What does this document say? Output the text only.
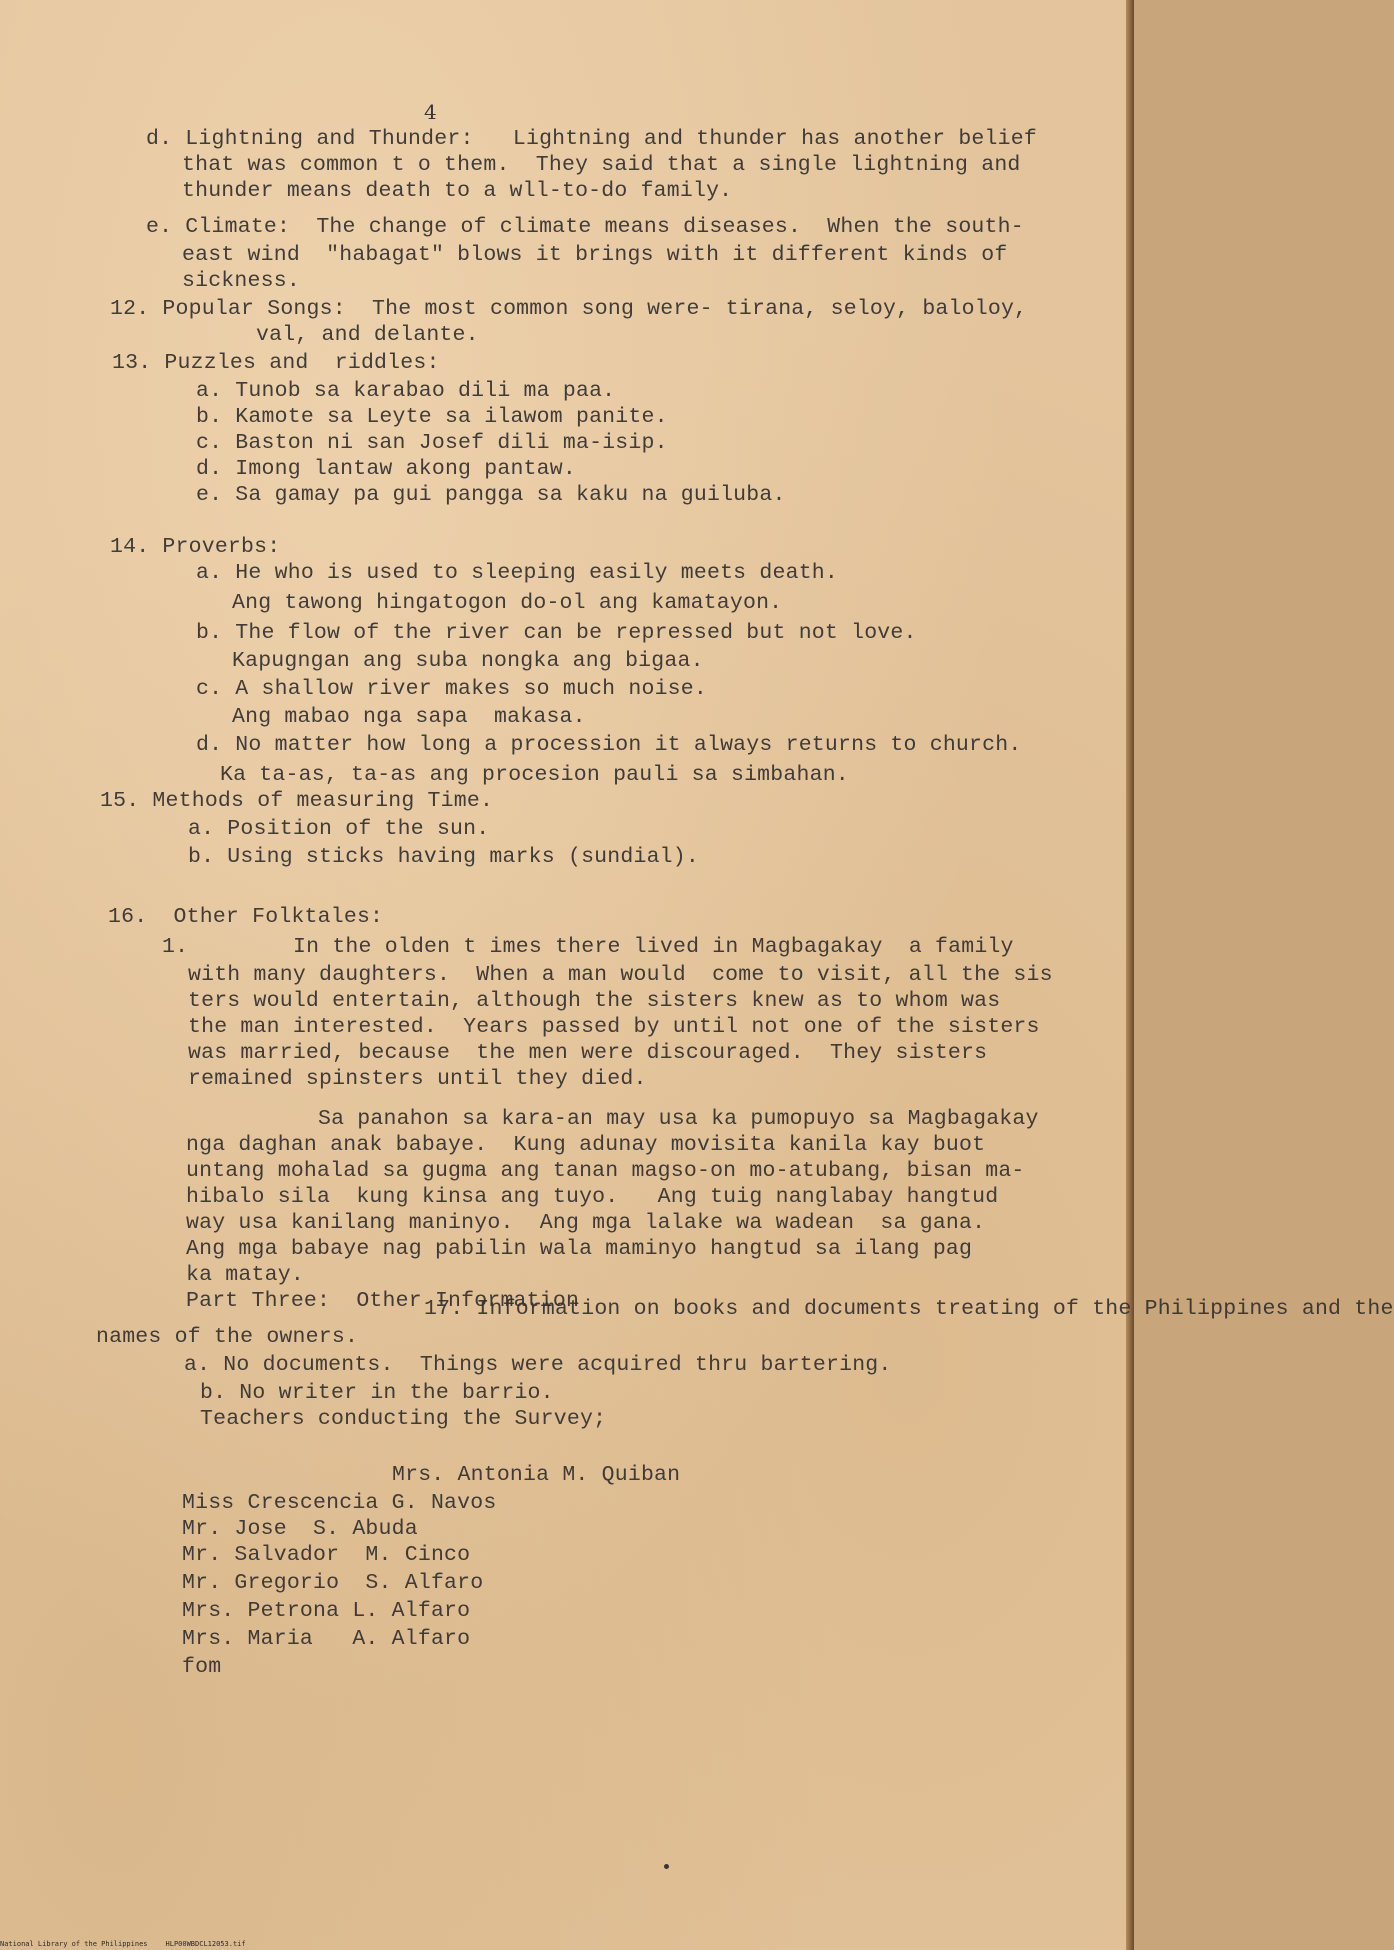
4
d. Lightning and Thunder:   Lightning and thunder has another belief
that was common t o them.  They said that a single lightning and
thunder means death to a wll-to-do family.
e. Climate:  The change of climate means diseases.  When the south-
east wind  "habagat" blows it brings with it different kinds of
sickness.
12. Popular Songs:  The most common song were- tirana, seloy, baloloy,
val, and delante.
13. Puzzles and  riddles:
a. Tunob sa karabao dili ma paa.
b. Kamote sa Leyte sa ilawom panite.
c. Baston ni san Josef dili ma-isip.
d. Imong lantaw akong pantaw.
e. Sa gamay pa gui pangga sa kaku na guiluba.
14. Proverbs:
a. He who is used to sleeping easily meets death.
Ang tawong hingatogon do-ol ang kamatayon.
b. The flow of the river can be repressed but not love.
Kapugngan ang suba nongka ang bigaa.
c. A shallow river makes so much noise.
Ang mabao nga sapa  makasa.
d. No matter how long a procession it always returns to church.
Ka ta-as, ta-as ang procesion pauli sa simbahan.
15. Methods of measuring Time.
a. Position of the sun.
b. Using sticks having marks (sundial).
16.  Other Folktales:
1.        In the olden t imes there lived in Magbagakay  a family
with many daughters.  When a man would  come to visit, all the sis
ters would entertain, although the sisters knew as to whom was
the man interested.  Years passed by until not one of the sisters
was married, because  the men were discouraged.  They sisters
remained spinsters until they died.
Sa panahon sa kara-an may usa ka pumopuyo sa Magbagakay
nga daghan anak babaye.  Kung adunay movisita kanila kay buot
untang mohalad sa gugma ang tanan magso-on mo-atubang, bisan ma-
hibalo sila  kung kinsa ang tuyo.   Ang tuig nanglabay hangtud
way usa kanilang maninyo.  Ang mga lalake wa wadean  sa gana.
Ang mga babaye nag pabilin wala maminyo hangtud sa ilang pag
ka matay.
Part Three:  Other Information
17. Information on books and documents treating of the Philippines and the
names of the owners.
a. No documents.  Things were acquired thru bartering.
b. No writer in the barrio.
Teachers conducting the Survey;
Mrs. Antonia M. Quiban
Miss Crescencia G. Navos
Mr. Jose  S. Abuda
Mr. Salvador  M. Cinco
Mr. Gregorio  S. Alfaro
Mrs. Petrona L. Alfaro
Mrs. Maria   A. Alfaro
fom
National Library of the Philippines	HLP00WBDCL12053.tif
